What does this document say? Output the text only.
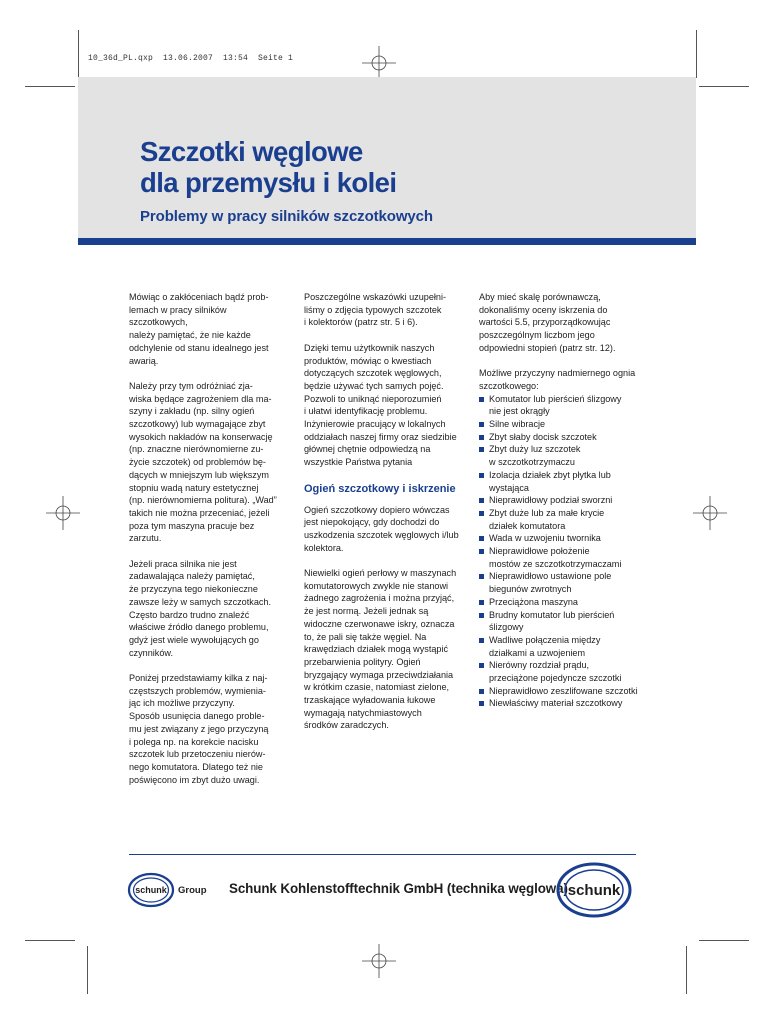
10_36d_PL.qxp  13.06.2007  13:54  Seite 1
Szczotki węglowe
dla przemysłu i kolei
Problemy w pracy silników szczotkowych

Mówiąc o zakłóceniach bądź prob-
lemach w pracy silników szczotkowych,
należy pamiętać, że nie każde
odchylenie od stanu idealnego jest
awarią.

Należy przy tym odróżniać zja-
wiska będące zagrożeniem dla ma-
szyny i zakładu (np. silny ogień
szczotkowy) lub wymagające zbyt
wysokich nakładów na konserwację
(np. znaczne nierównomierne zu-
życie szczotek) od problemów bę-
dących w mniejszym lub większym
stopniu wadą natury estetycznej
(np. nierównomierna politura). „Wad”
takich nie można przeceniać, jeżeli
poza tym maszyna pracuje bez
zarzutu.

Jeżeli praca silnika nie jest
zadawalająca należy pamiętać,
że przyczyna tego niekonieczne
zawsze leży w samych szczotkach.
Często bardzo trudno znaleźć
właściwe źródło danego problemu,
gdyż jest wiele wywołujących go
czynników.

Poniżej przedstawiamy kilka z naj-
częstszych problemów, wymienia-
jąc ich możliwe przyczyny.
Sposób usunięcia danego proble-
mu jest związany z jego przyczyną
i polega np. na korekcie nacisku
szczotek lub przetoczeniu nierów-
nego komutatora. Dlatego też nie
poświęcono im zbyt dużo uwagi.

Poszczególne wskazówki uzupełni-
liśmy o zdjęcia typowych szczotek
i kolektorów (patrz str. 5 i 6).

Dzięki temu użytkownik naszych
produktów, mówiąc o kwestiach
dotyczących szczotek węglowych,
będzie używać tych samych pojęć.
Pozwoli to uniknąć nieporozumień
i ułatwi identyfikację problemu.
Inżynierowie pracujący w lokalnych
oddziałach naszej firmy oraz siedzibie
głównej chętnie odpowiedzą na
wszystkie Państwa pytania

Ogień szczotkowy i iskrzenie

Ogień szczotkowy dopiero wówczas
jest niepokojący, gdy dochodzi do
uszkodzenia szczotek węglowych i/lub
kolektora.

Niewielki ogień perłowy w maszynach
komutatorowych zwykle nie stanowi
żadnego zagrożenia i można przyjąć,
że jest normą. Jeżeli jednak są
widoczne czerwonawe iskry, oznacza
to, że pali się także węgiel. Na
krawędziach działek mogą wystąpić
przebarwienia polityry. Ogień
bryzgający wymaga przeciwdziałania
w krótkim czasie, natomiast zielone,
trzaskające wyładowania łukowe
wymagają natychmiastowych
środków zaradczych.

Aby mieć skalę porównawczą,
dokonaliśmy oceny iskrzenia do
wartości 5.5, przyporządkowując
poszczególnym liczbom jego
odpowiedni stopień (patrz str. 12).

Możliwe przyczyny nadmiernego ognia
szczotkowego:

Komutator lub pierścień ślizgowy
nie jest okrągły
Silne wibracje
Zbyt słaby docisk szczotek
Zbyt duży luz szczotek
w szczotkotrzymaczu
Izolacja działek zbyt płytka lub
wystająca
Nieprawidłowy podział sworzni
Zbyt duże lub za małe krycie
działek komutatora
Wada w uzwojeniu twornika
Nieprawidłowe położenie
mostów ze szczotkotrzymaczami
Nieprawidłowo ustawione pole
biegunów zwrotnych
Przeciążona maszyna
Brudny komutator lub pierścień
ślizgowy
Wadliwe połączenia między
działkami a uzwojeniem
Nierówny rozdział prądu,
przeciążone pojedyncze szczotki
Nieprawidłowo zeszlifowane szczotki
Niewłaściwy materiał szczotkowy
schunk Group Schunk Kohlenstofftechnik GmbH (technika węglowa) schunk
